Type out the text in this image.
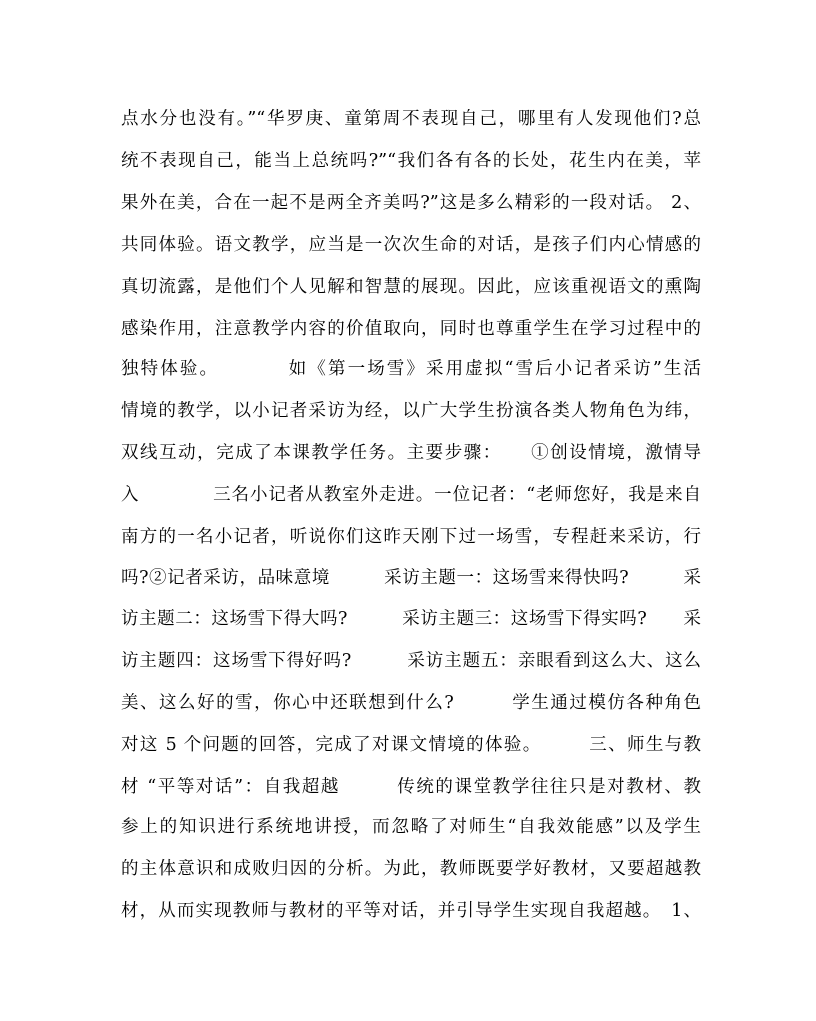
点水分也没有。”“华罗庚、童第周不表现自己，哪里有人发现他们?总
统不表现自己，能当上总统吗?”“我们各有各的长处，花生内在美，苹
果外在美，合在一起不是两全齐美吗?”这是多么精彩的一段对话。 2、
共同体验。语文教学，应当是一次次生命的对话，是孩子们内心情感的
真切流露，是他们个人见解和智慧的展现。因此，应该重视语文的熏陶
感染作用，注意教学内容的价值取向，同时也尊重学生在学习过程中的
独特体验。　　　　如《第一场雪》采用虚拟“雪后小记者采访”生活
情境的教学，以小记者采访为经，以广大学生扮演各类人物角色为纬，
双线互动，完成了本课教学任务。主要步骤：　　①创设情境，激情导
入　　　　三名小记者从教室外走进。一位记者：“老师您好，我是来自
南方的一名小记者，听说你们这昨天刚下过一场雪，专程赶来采访，行
吗?②记者采访，品味意境　　　采访主题一：这场雪来得快吗?　　　采
访主题二：这场雪下得大吗?　　　采访主题三：这场雪下得实吗?　　采
访主题四：这场雪下得好吗?　　　采访主题五：亲眼看到这么大、这么
美、这么好的雪，你心中还联想到什么?　　　学生通过模仿各种角色
对这 5 个问题的回答，完成了对课文情境的体验。　　　三、师生与教
材 “平等对话”：自我超越　　　传统的课堂教学往往只是对教材、教
参上的知识进行系统地讲授，而忽略了对师生“自我效能感”以及学生
的主体意识和成败归因的分析。为此，教师既要学好教材，又要超越教
材，从而实现教师与教材的平等对话，并引导学生实现自我超越。　1、
